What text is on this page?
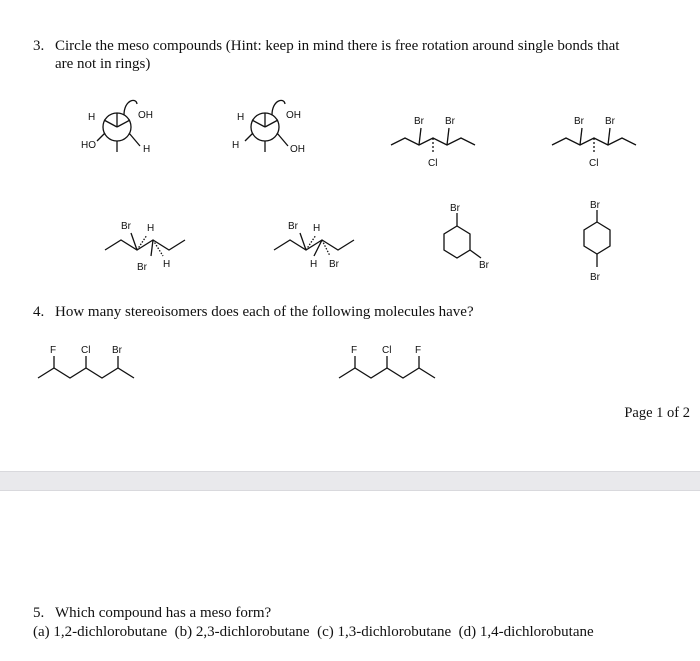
3. Circle the meso compounds (Hint: keep in mind there is free rotation around single bonds that
are not in rings)
H	OH
HO	H
H	OH
H	OH
Br Br
Cl
Br Br
Cl
Br H
Br H
Br H
H Br
Br
Br
Br
Br
F Cl Br	F Cl F
4. How many stereoisomers does each of the following molecules have?
Page 1 of 2
5. Which compound has a meso form?
(a) 1,2-dichlorobutane  (b) 2,3-dichlorobutane  (c) 1,3-dichlorobutane  (d) 1,4-dichlorobutane
